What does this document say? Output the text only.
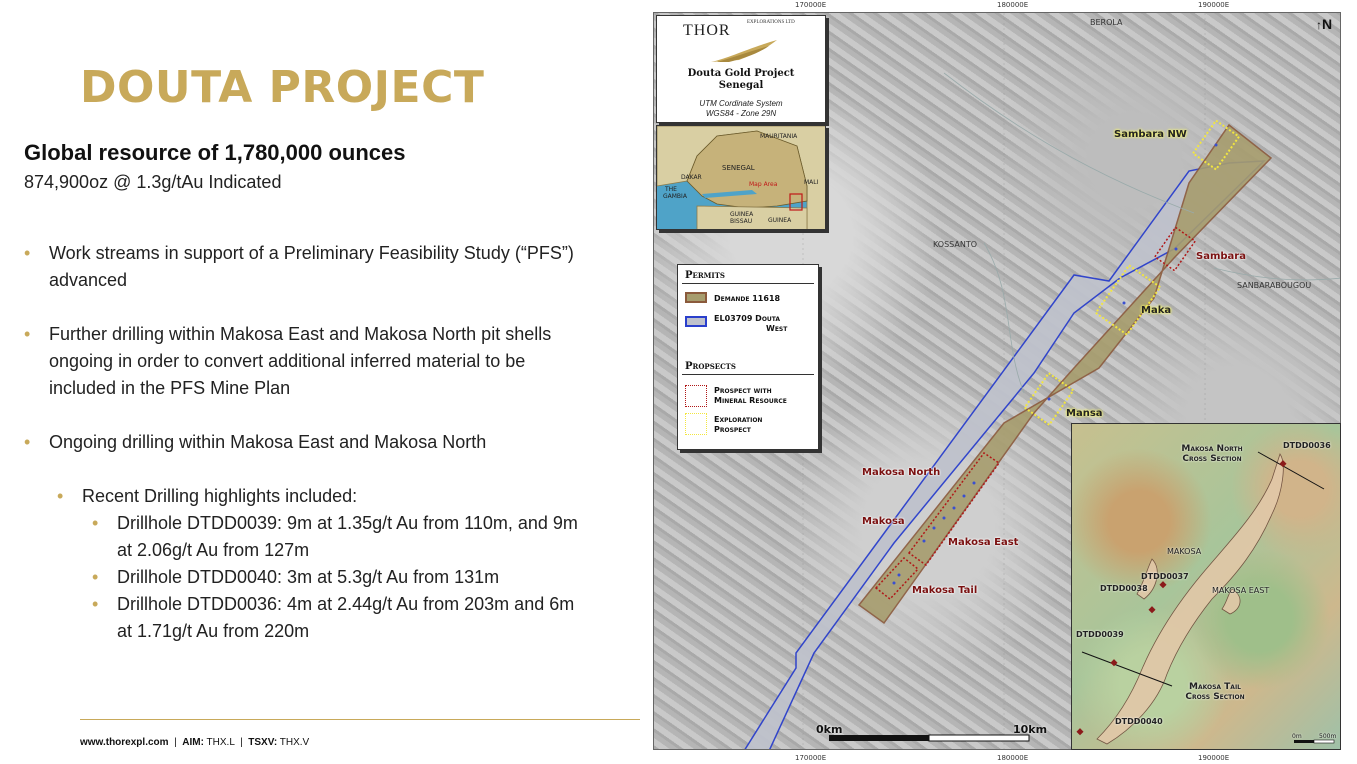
DOUTA PROJECT
Global resource of 1,780,000 ounces
874,900oz @ 1.3g/tAu Indicated
• Work streams in support of a Preliminary Feasibility Study (“PFS”) advanced
• Further drilling within Makosa East and Makosa North pit shells ongoing in order to convert additional inferred material to be included in the PFS Mine Plan
• Ongoing drilling within Makosa East and Makosa North
• Recent Drilling highlights included:
• Drillhole DTDD0039: 9m at 1.35g/t Au from 110m, and 9m at 2.06g/t Au from 127m
• Drillhole DTDD0040: 3m at 5.3g/t Au from 131m
• Drillhole DTDD0036: 4m at 2.44g/t Au from 203m and 6m at 1.71g/t Au from 220m
www.thorexpl.com | AIM: THX.L | TSXV: THX.V
170000E	180000E	190000E
170000E	180000E	190000E
BEROLA
KOSSANTO
SANBARABOUGOU
Sambara NW
Sambara
Maka
Mansa
Makosa North
Makosa
Makosa East
Makosa Tail
0km	10km
↑N
THOR	EXPLORATIONS LTD
Douta Gold Project
Senegal
UTM Cordinate System
WGS84 - Zone 29N
MAURITANIA
SENEGAL
DAKAR
Map Area	MALI
THE
GAMBIA
GUINEA
BISSAU	GUINEA
Permits
Demande 11618
EL03709 Douta
West
Propsects
Prospect with
Mineral Resource
Exploration
Prospect
Makosa North
Cross Section
Makosa Tail
Cross Section
MAKOSA
MAKOSA EAST
DTDD0036
DTDD0037
DTDD0038
DTDD0039
DTDD0040
0m	500m
